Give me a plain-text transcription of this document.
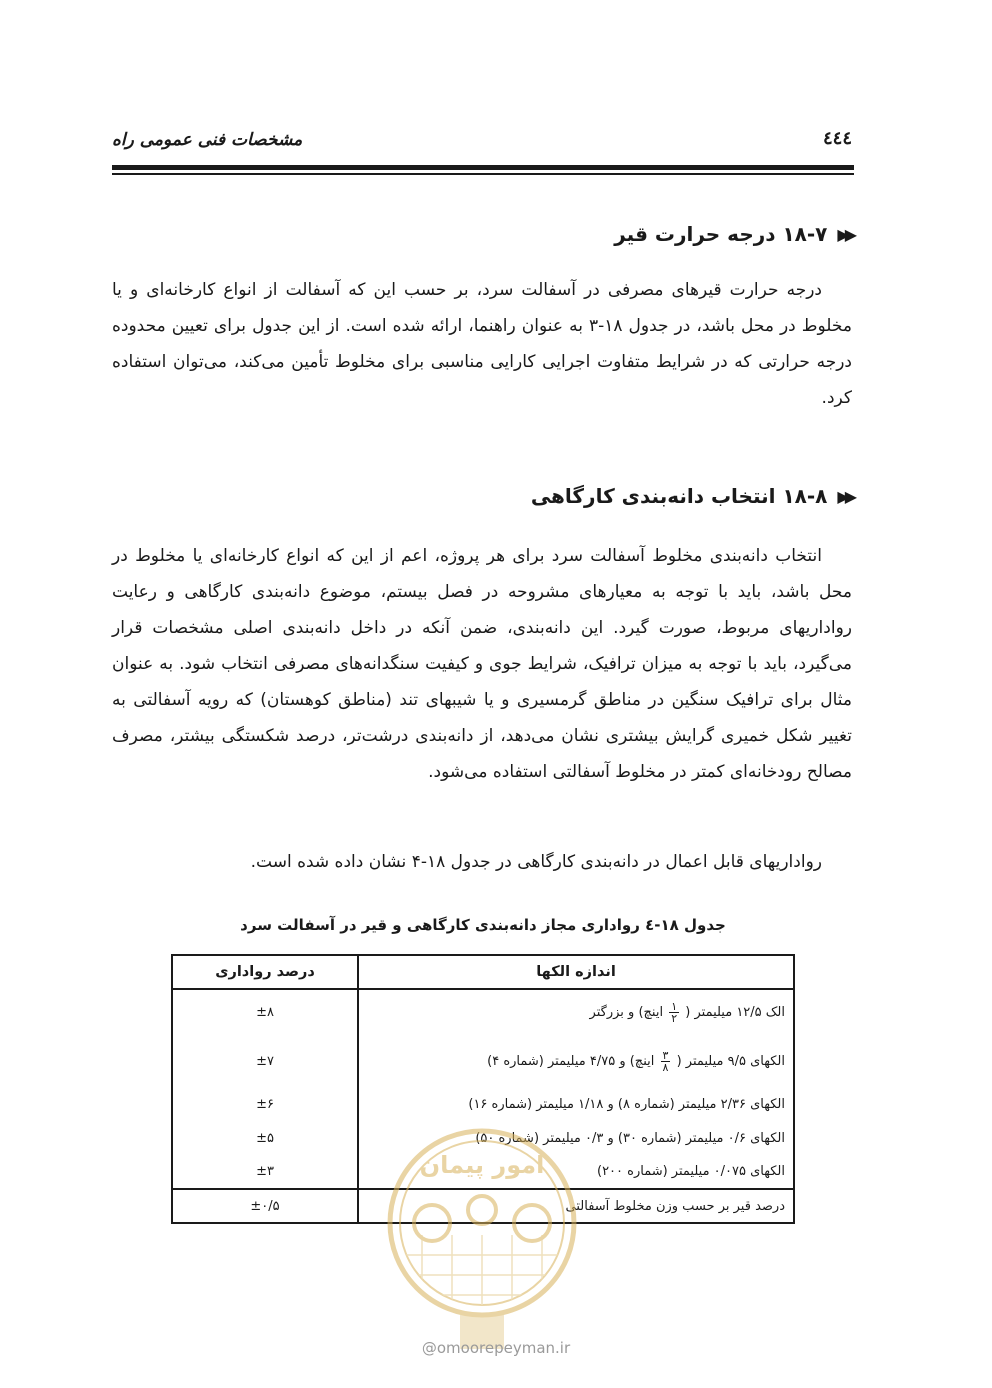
مشخصات فنی عمومی راه	٤٤٤
▶▶
۱۸-۷ درجه حرارت قیر

درجه حرارت قیرهای مصرفی در آسفالت سرد، بر حسب این که آسفالت از انواع کارخانه‌ای و یا مخلوط در محل باشد، در جدول ۱۸-۳ به عنوان راهنما، ارائه شده است. از این جدول برای تعیین محدوده درجه حرارتی که در شرایط متفاوت اجرایی کارایی مناسبی برای مخلوط تأمین می‌کند، می‌توان استفاده کرد.

▶▶
۱۸-۸ انتخاب دانه‌بندی کارگاهی

انتخاب دانه‌بندی مخلوط آسفالت سرد برای هر پروژه، اعم از این که انواع کارخانه‌ای یا مخلوط در محل باشد، باید با توجه به معیارهای مشروحه در فصل بیستم، موضوع دانه‌بندی کارگاهی و رعایت رواداریهای مربوط، صورت گیرد. این دانه‌بندی، ضمن آنکه در داخل دانه‌بندی اصلی مشخصات قرار می‌گیرد، باید با توجه به میزان ترافیک، شرایط جوی و کیفیت سنگدانه‌های مصرفی انتخاب شود. به عنوان مثال برای ترافیک سنگین در مناطق گرمسیری و یا شیبهای تند (مناطق کوهستان) که رویه آسفالتی به تغییر شکل خمیری گرایش بیشتری نشان می‌دهد، از دانه‌بندی درشت‌تر، درصد شکستگی بیشتر، مصرف مصالح رودخانه‌ای کمتر در مخلوط آسفالتی استفاده می‌شود.

رواداریهای قابل اعمال در دانه‌بندی کارگاهی در جدول ۱۸-۴ نشان داده شده است.

جدول ۱۸-٤ رواداری مجاز دانه‌بندی کارگاهی و قیر در آسفالت سرد
اندازه الکها	درصد رواداری
الک ۱۲/۵ میلیمتر (
$\frac{۱}{۲}$
اینچ) و بزرگتر	±۸
الکهای ۹/۵ میلیمتر (
$\frac{۳}{۸}$
اینچ) و ۴/۷۵ میلیمتر (شماره ۴)	±۷
الکهای ۲/۳۶ میلیمتر (شماره ۸) و ۱/۱۸ میلیمتر (شماره ۱۶)	±۶
الکهای ۰/۶ میلیمتر (شماره ۳۰) و ۰/۳ میلیمتر (شماره ۵۰)	±۵
الکهای ۰/۰۷۵ میلیمتر (شماره ۲۰۰)	±۳
درصد قیر بر حسب وزن مخلوط آسفالتی	±۰/۵
امور پیمان
@omoorepeyman.ir
